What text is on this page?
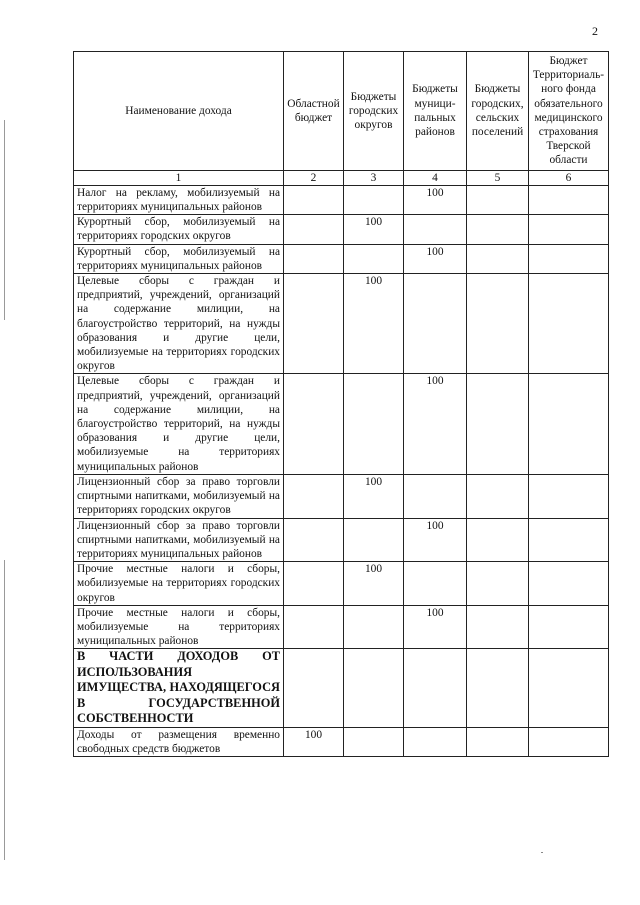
2
Наименование дохода	Областной бюджет	Бюджеты городских округов	Бюджеты муници-пальных районов	Бюджеты городских, сельских поселений	Бюджет Территориаль-ного фонда обязательного медицинского страхования Тверской области
1	2	3	4	5	6
Налог на рекламу, мобилизуемый на территориях муниципальных районов			100		
Курортный сбор, мобилизуемый на территориях городских округов		100			
Курортный сбор, мобилизуемый на территориях муниципальных районов			100		
Целевые сборы с граждан и предприятий, учреждений, организаций на содержание милиции, на благоустройство территорий, на нужды образования и другие цели, мобилизуемые на территориях городских округов		100			
Целевые сборы с граждан и предприятий, учреждений, организаций на содержание милиции, на благоустройство территорий, на нужды образования и другие цели, мобилизуемые на территориях муниципальных районов			100		
Лицензионный сбор за право торговли спиртными напитками, мобилизуемый на территориях городских округов		100			
Лицензионный сбор за право торговли спиртными напитками, мобилизуемый на территориях муниципальных районов			100		
Прочие местные налоги и сборы, мобилизуемые на территориях городских округов		100			
Прочие местные налоги и сборы, мобилизуемые на территориях муниципальных районов			100		
В ЧАСТИ ДОХОДОВ ОТ ИСПОЛЬЗОВАНИЯ ИМУЩЕСТВА, НАХОДЯЩЕГОСЯ В ГОСУДАРСТВЕННОЙ СОБСТВЕННОСТИ					
Доходы от размещения временно свободных средств бюджетов	100				
